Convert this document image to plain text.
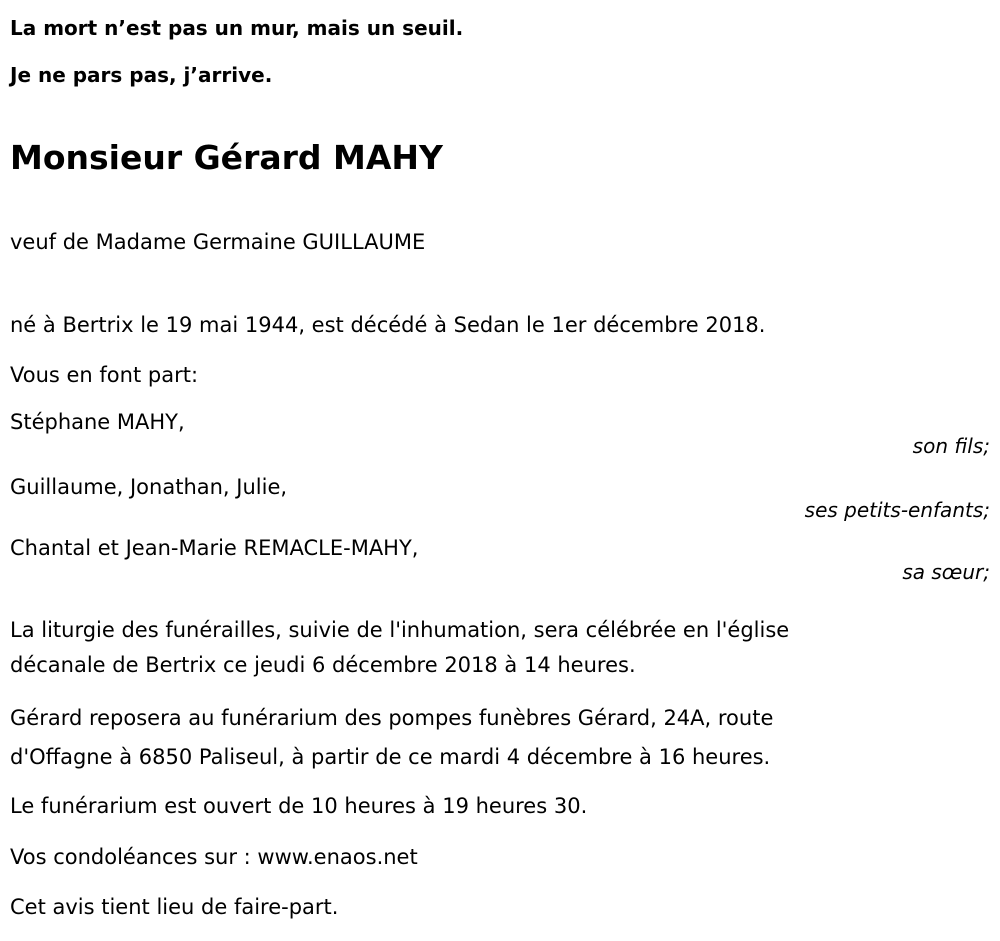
La mort n’est pas un mur, mais un seuil.
Je ne pars pas, j’arrive.
Monsieur Gérard MAHY
veuf de Madame Germaine GUILLAUME
né à Bertrix le 19 mai 1944, est décédé à Sedan le 1er décembre 2018.
Vous en font part:
Stéphane MAHY,
son fils;
Guillaume, Jonathan, Julie,
ses petits-enfants;
Chantal et Jean-Marie REMACLE-MAHY,
sa sœur;
La liturgie des funérailles, suivie de l'inhumation, sera célébrée en l'église
décanale de Bertrix ce jeudi 6 décembre 2018 à 14 heures.
Gérard reposera au funérarium des pompes funèbres Gérard, 24A, route
d'Offagne à 6850 Paliseul, à partir de ce mardi 4 décembre à 16 heures.
Le funérarium est ouvert de 10 heures à 19 heures 30.
Vos condoléances sur : www.enaos.net
Cet avis tient lieu de faire-part.
